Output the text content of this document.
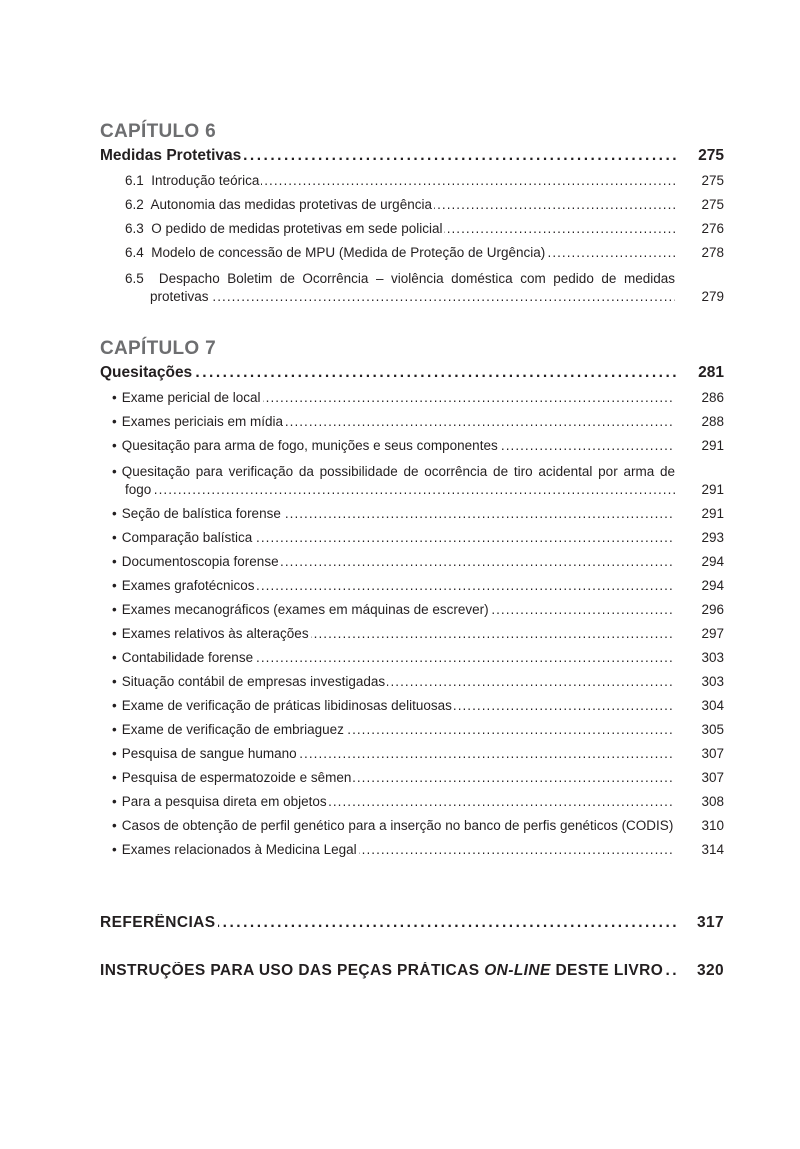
CAPÍTULO 6
Medidas Protetivas . . .	275
6.1 Introdução teórica . . .	275
6.2 Autonomia das medidas protetivas de urgência . . .	275
6.3 O pedido de medidas protetivas em sede policial . . .	276
6.4 Modelo de concessão de MPU (Medida de Proteção de Urgência) . . .	278
6.5 Despacho Boletim de Ocorrência – violência doméstica com pedido de medidas
protetivas . . .	279
CAPÍTULO 7
Quesitações . . .	281
• Exame pericial de local . . .	286
• Exames periciais em mídia . . .	288
• Quesitação para arma de fogo, munições e seus componentes . . .	291
• Quesitação para verificação da possibilidade de ocorrência de tiro acidental por arma de
fogo . . .	291
• Seção de balística forense . . .	291
• Comparação balística . . .	293
• Documentoscopia forense . . .	294
• Exames grafotécnicos . . .	294
• Exames mecanográficos (exames em máquinas de escrever) . . .	296
• Exames relativos às alterações . . .	297
• Contabilidade forense . . .	303
• Situação contábil de empresas investigadas . . .	303
• Exame de verificação de práticas libidinosas delituosas . . .	304
• Exame de verificação de embriaguez . . .	305
• Pesquisa de sangue humano . . .	307
• Pesquisa de espermatozoide e sêmen . . .	307
• Para a pesquisa direta em objetos . . .	308
• Casos de obtenção de perfil genético para a inserção no banco de perfis genéticos (CODIS) . . .	310
• Exames relacionados à Medicina Legal . . .	314
REFERÊNCIAS . . .	317
INSTRUÇÕES PARA USO DAS PEÇAS PRÁTICAS ON-LINE DESTE LIVRO . . .	320
